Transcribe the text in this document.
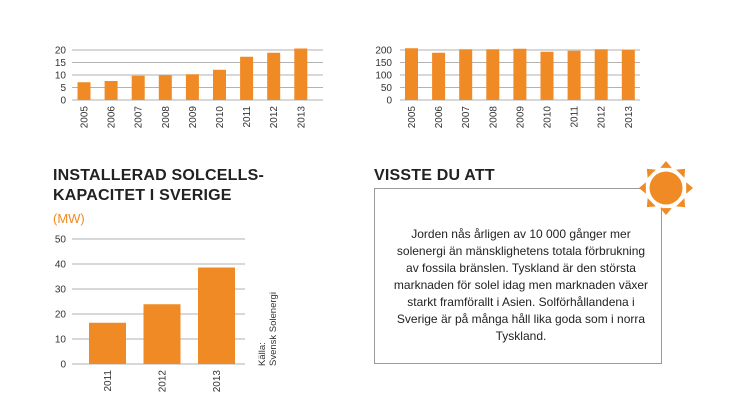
0
5
10
15
20
2005 2006 2007 2008 2009 2010 2011 2012 2013
0
50
100
150
200
2005 2006 2007 2008 2009 2010 2011 2012 2013
0
10
20
30
40
50
2011	2012	2013
INSTALLERAD SOLCELLS-
KAPACITET I SVERIGE
(MW)
Källa: Svensk Solenergi
VISSTE DU ATT
Jorden nås årligen av 10 000 gånger mer solenergi än mänsklighetens totala förbrukning av fossila bränslen. Tyskland är den största marknaden för solel idag men marknaden växer starkt framförallt i Asien. Solförhållandena i Sverige är på många håll lika goda som i norra Tyskland.
